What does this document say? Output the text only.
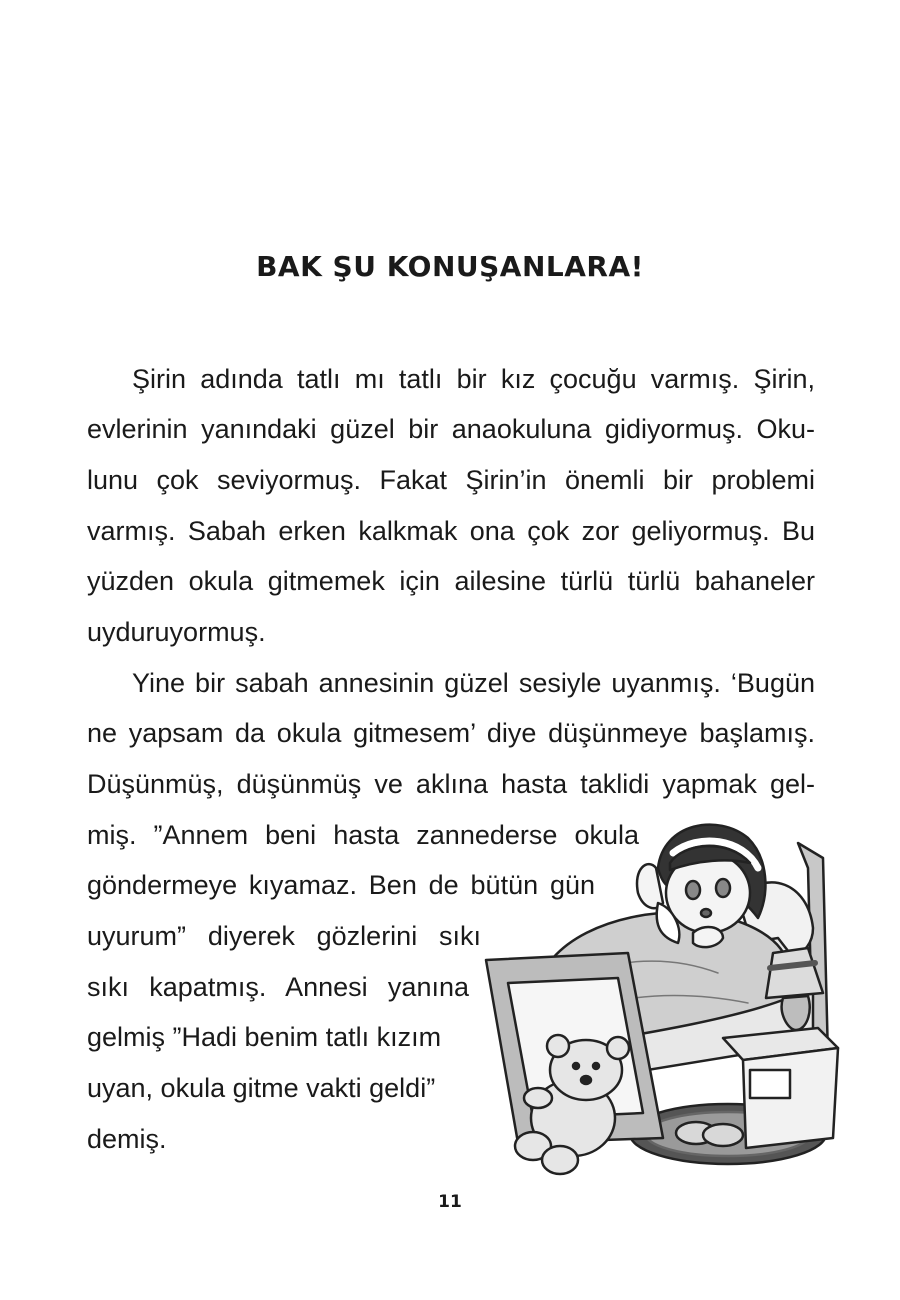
BAK ŞU KONUŞANLARA!
Şirin adında tatlı mı tatlı bir kız çocuğu varmış. Şirin,
evlerinin yanındaki güzel bir anaokuluna gidiyormuş. Oku-
lunu çok seviyormuş. Fakat Şirin’in önemli bir problemi
varmış. Sabah erken kalkmak ona çok zor geliyormuş. Bu
yüzden okula gitmemek için ailesine türlü türlü bahaneler
uyduruyormuş.
Yine bir sabah annesinin güzel sesiyle uyanmış. ‘Bugün
ne yapsam da okula gitmesem’ diye düşünmeye başlamış.
Düşünmüş, düşünmüş ve aklına hasta taklidi yapmak gel-
miş. ”Annem beni hasta zannederse okula
göndermeye kıyamaz. Ben de bütün gün
uyurum” diyerek gözlerini sıkı
sıkı kapatmış. Annesi yanına
gelmiş ”Hadi benim tatlı kızım
uyan, okula gitme vakti geldi”
demiş.
11
